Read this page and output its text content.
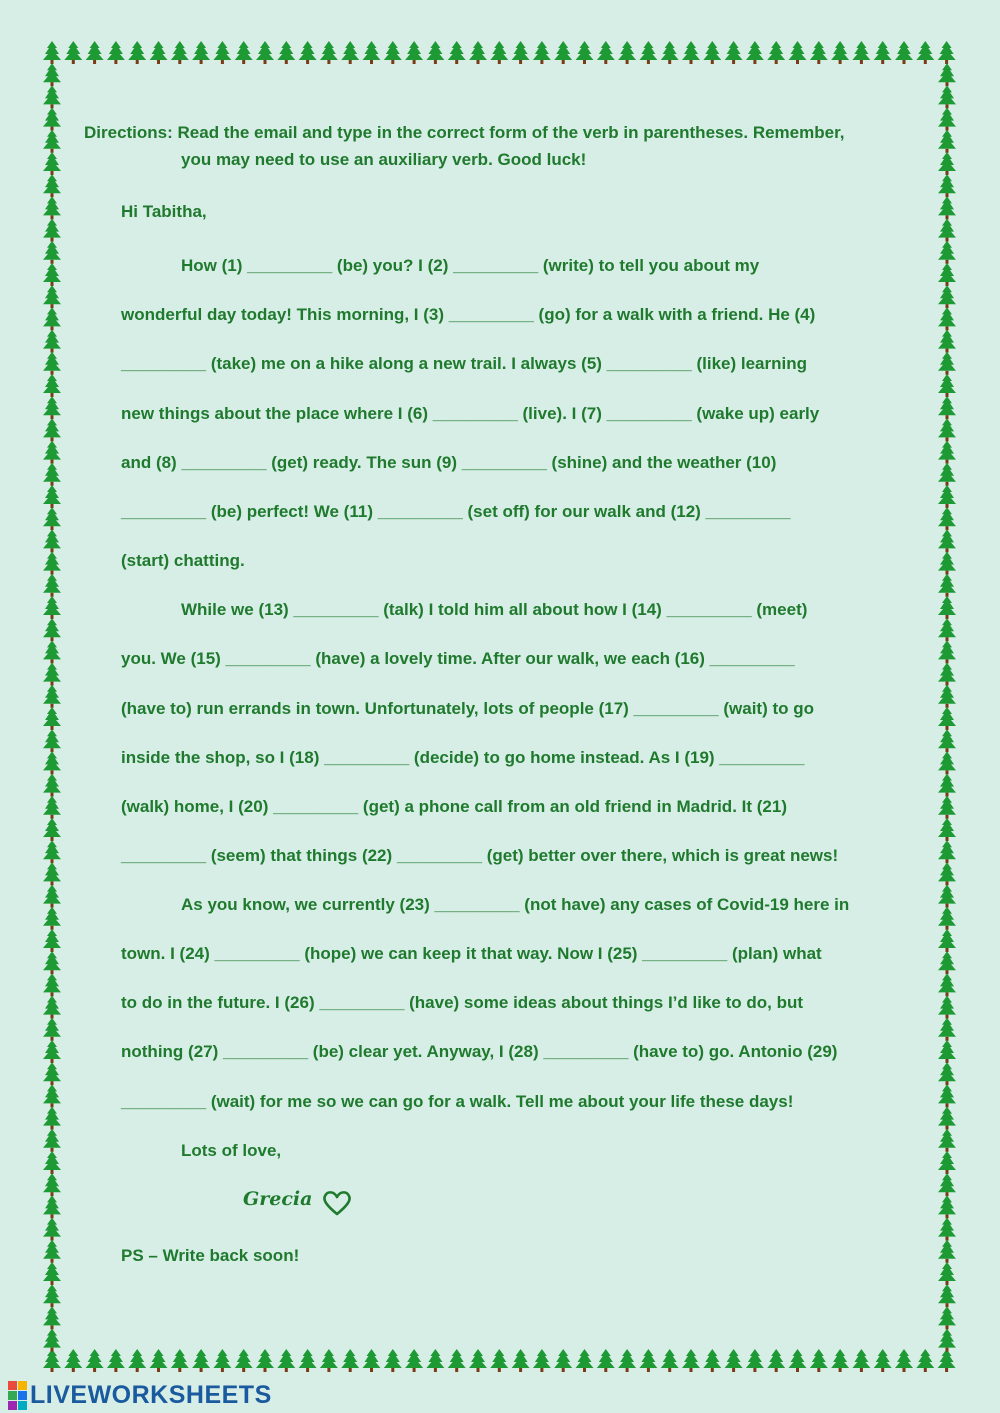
Directions: Read the email and type in the correct form of the verb in parentheses. Remember,
you may need to use an auxiliary verb. Good luck!
Hi Tabitha,
How (1) _________ (be) you? I (2) _________ (write) to tell you about my
wonderful day today! This morning, I (3) _________ (go) for a walk with a friend. He (4)
_________ (take) me on a hike along a new trail. I always (5) _________ (like) learning
new things about the place where I (6) _________ (live). I (7) _________ (wake up) early
and (8) _________ (get) ready. The sun (9) _________ (shine) and the weather (10)
_________ (be) perfect! We (11) _________ (set off) for our walk and (12) _________
(start) chatting.
While we (13) _________ (talk) I told him all about how I (14) _________ (meet)
you. We (15) _________ (have) a lovely time. After our walk, we each (16) _________
(have to) run errands in town. Unfortunately, lots of people (17) _________ (wait) to go
inside the shop, so I (18) _________ (decide) to go home instead. As I (19) _________
(walk) home, I (20) _________ (get) a phone call from an old friend in Madrid. It (21)
_________ (seem) that things (22) _________ (get) better over there, which is great news!
As you know, we currently (23) _________ (not have) any cases of Covid-19 here in
town. I (24) _________ (hope) we can keep it that way. Now I (25) _________ (plan) what
to do in the future. I (26) _________ (have) some ideas about things I’d like to do, but
nothing (27) _________ (be) clear yet. Anyway, I (28) _________ (have to) go. Antonio (29)
_________ (wait) for me so we can go for a walk. Tell me about your life these days!
Lots of love,
Grecia
PS – Write back soon!
LIVEWORKSHEETS
